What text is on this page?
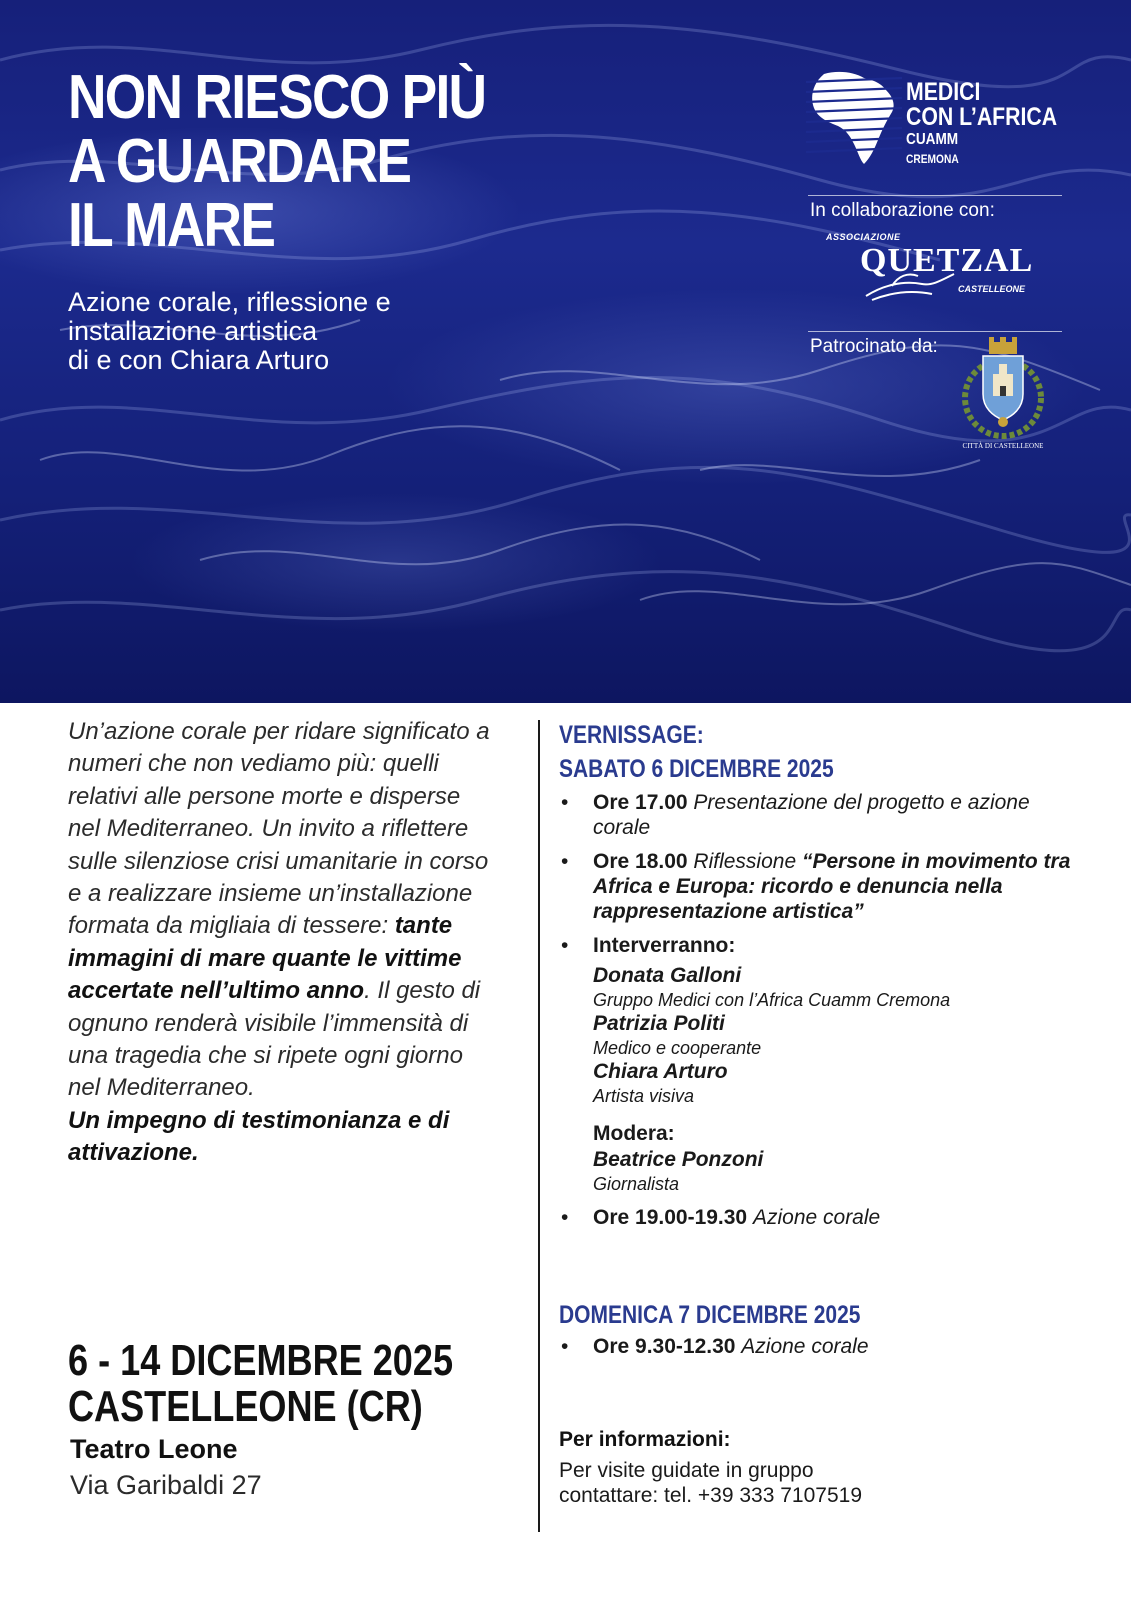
NON RIESCO PIÙ
A GUARDARE
IL MARE
Azione corale, riflessione e
installazione artistica
di e con Chiara Arturo
MEDICI
CON L’AFRICA
CUAMM
CREMONA
In collaborazione con:
ASSOCIAZIONE
QUETZAL
CASTELLEONE
Patrocinato da:
CITTÀ DI CASTELLEONE

Un’azione corale per ridare significato a numeri che non vediamo più: quelli relativi alle persone morte e disperse nel Mediterraneo. Un invito a riflettere sulle silenziose crisi umanitarie in corso e a realizzare insieme un’installazione formata da migliaia di tessere: tante immagini di mare quante le vittime accertate nell’ultimo anno. Il gesto di ognuno renderà visibile l’immensità di una tragedia che si ripete ogni giorno nel Mediterraneo.
Un impegno di testimonianza e di attivazione.

6 - 14 DICEMBRE 2025
CASTELLEONE (CR)
Teatro Leone
Via Garibaldi 27
VERNISSAGE:
SABATO 6 DICEMBRE 2025
• Ore 17.00 Presentazione del progetto e azione corale
• Ore 18.00 Riflessione “Persone in movimento tra Africa e Europa: ricordo e denuncia nella rappresentazione artistica”
• Interverranno:
Donata Galloni
Gruppo Medici con l’Africa Cuamm Cremona
Patrizia Politi
Medico e cooperante
Chiara Arturo
Artista visiva
Modera:
Beatrice Ponzoni
Giornalista
• Ore 19.00-19.30 Azione corale
DOMENICA 7 DICEMBRE 2025
• Ore 9.30-12.30 Azione corale
Per informazioni:
Per visite guidate in gruppo
contattare: tel. +39 333 7107519
